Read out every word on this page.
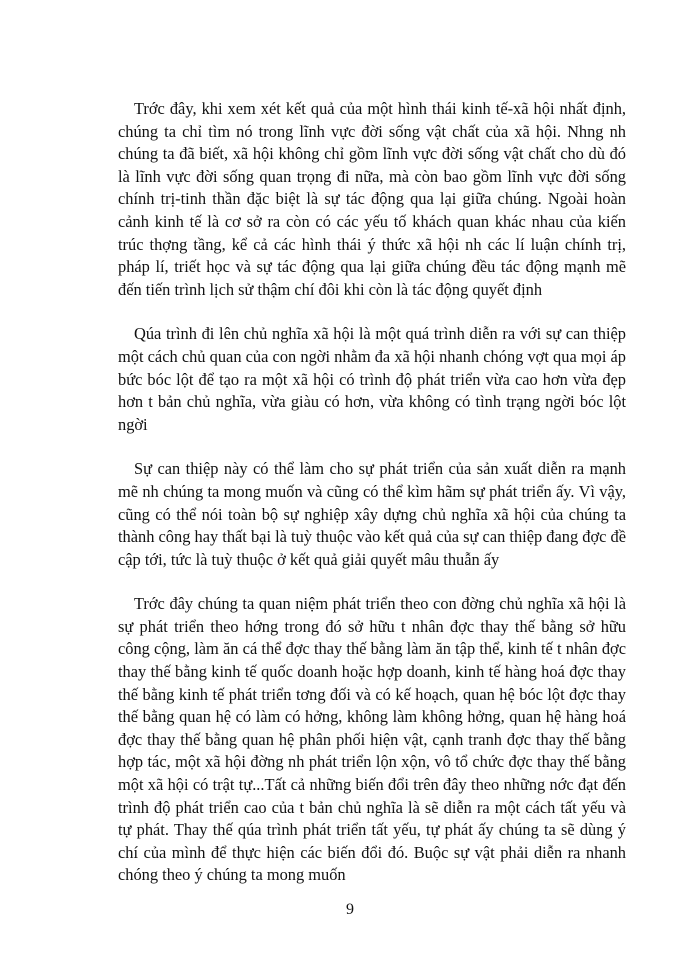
Trớc đây, khi xem xét kết quả của một hình thái kinh tế-xã hội nhất định, chúng ta chỉ tìm nó trong lĩnh vực đời sống vật chất của xã hội. Nhng nh chúng ta đã biết, xã hội không chỉ gồm lĩnh vực đời sống vật chất cho dù đó là lĩnh vực đời sống quan trọng đi nữa, mà còn bao gồm lĩnh vực đời sống chính trị-tinh thần đặc biệt là sự tác động qua lại giữa chúng. Ngoài hoàn cảnh kinh tế là cơ sở ra còn có các yếu tố khách quan khác nhau của kiến trúc thợng tầng, kể cả các hình thái ý thức xã hội nh các lí luận chính trị, pháp lí, triết học và sự tác động qua lại giữa chúng đều tác động mạnh mẽ đến tiến trình lịch sử thậm chí đôi khi còn là tác động quyết định

Qúa trình đi lên chủ nghĩa xã hội là một quá trình diễn ra với sự can thiệp một cách chủ quan của con ngời nhằm đa xã hội nhanh chóng vợt qua mọi áp bức bóc lột để tạo ra một xã hội có trình độ phát triển vừa cao hơn vừa đẹp hơn t bản chủ nghĩa, vừa giàu có hơn, vừa không có tình trạng ngời bóc lột ngời

Sự can thiệp này có thể làm cho sự phát triển của sản xuất diễn ra mạnh mẽ nh chúng ta mong muốn và cũng có thể kìm hãm sự phát triển ấy. Vì vậy, cũng có thể nói toàn bộ sự nghiệp xây dựng chủ nghĩa xã hội của chúng ta thành công hay thất bại là tuỳ thuộc vào kết quả của sự can thiệp đang đợc đề cập tới, tức là tuỳ thuộc ở kết quả giải quyết mâu thuẫn ấy

Trớc đây chúng ta quan niệm phát triển theo con đờng chủ nghĩa xã hội là sự phát triển theo hớng trong đó sở hữu t nhân đợc thay thế bằng sở hữu công cộng, làm ăn cá thể đợc thay thế bằng làm ăn tập thể, kinh tế t nhân đợc thay thế bằng kinh tế quốc doanh hoặc hợp doanh, kinh tế hàng hoá đợc thay thế bằng kinh tế phát triển tơng đối và có kế hoạch, quan hệ bóc lột đợc thay thế bằng quan hệ có làm có hởng, không làm không hởng, quan hệ hàng hoá đợc thay thế bằng quan hệ phân phối hiện vật, cạnh tranh đợc thay thế bằng hợp tác, một xã hội đờng nh phát triển lộn xộn, vô tổ chức đợc thay thế bằng một xã hội có trật tự...Tất cả những biến đổi trên đây theo những nớc đạt đến trình độ phát triển cao của t bản chủ nghĩa là sẽ diễn ra một cách tất yếu và tự phát. Thay thế qúa trình phát triển tất yếu, tự phát ấy chúng ta sẽ dùng ý chí của mình để thực hiện các biến đổi đó. Buộc sự vật phải diễn ra nhanh chóng theo ý chúng ta mong muốn

9
